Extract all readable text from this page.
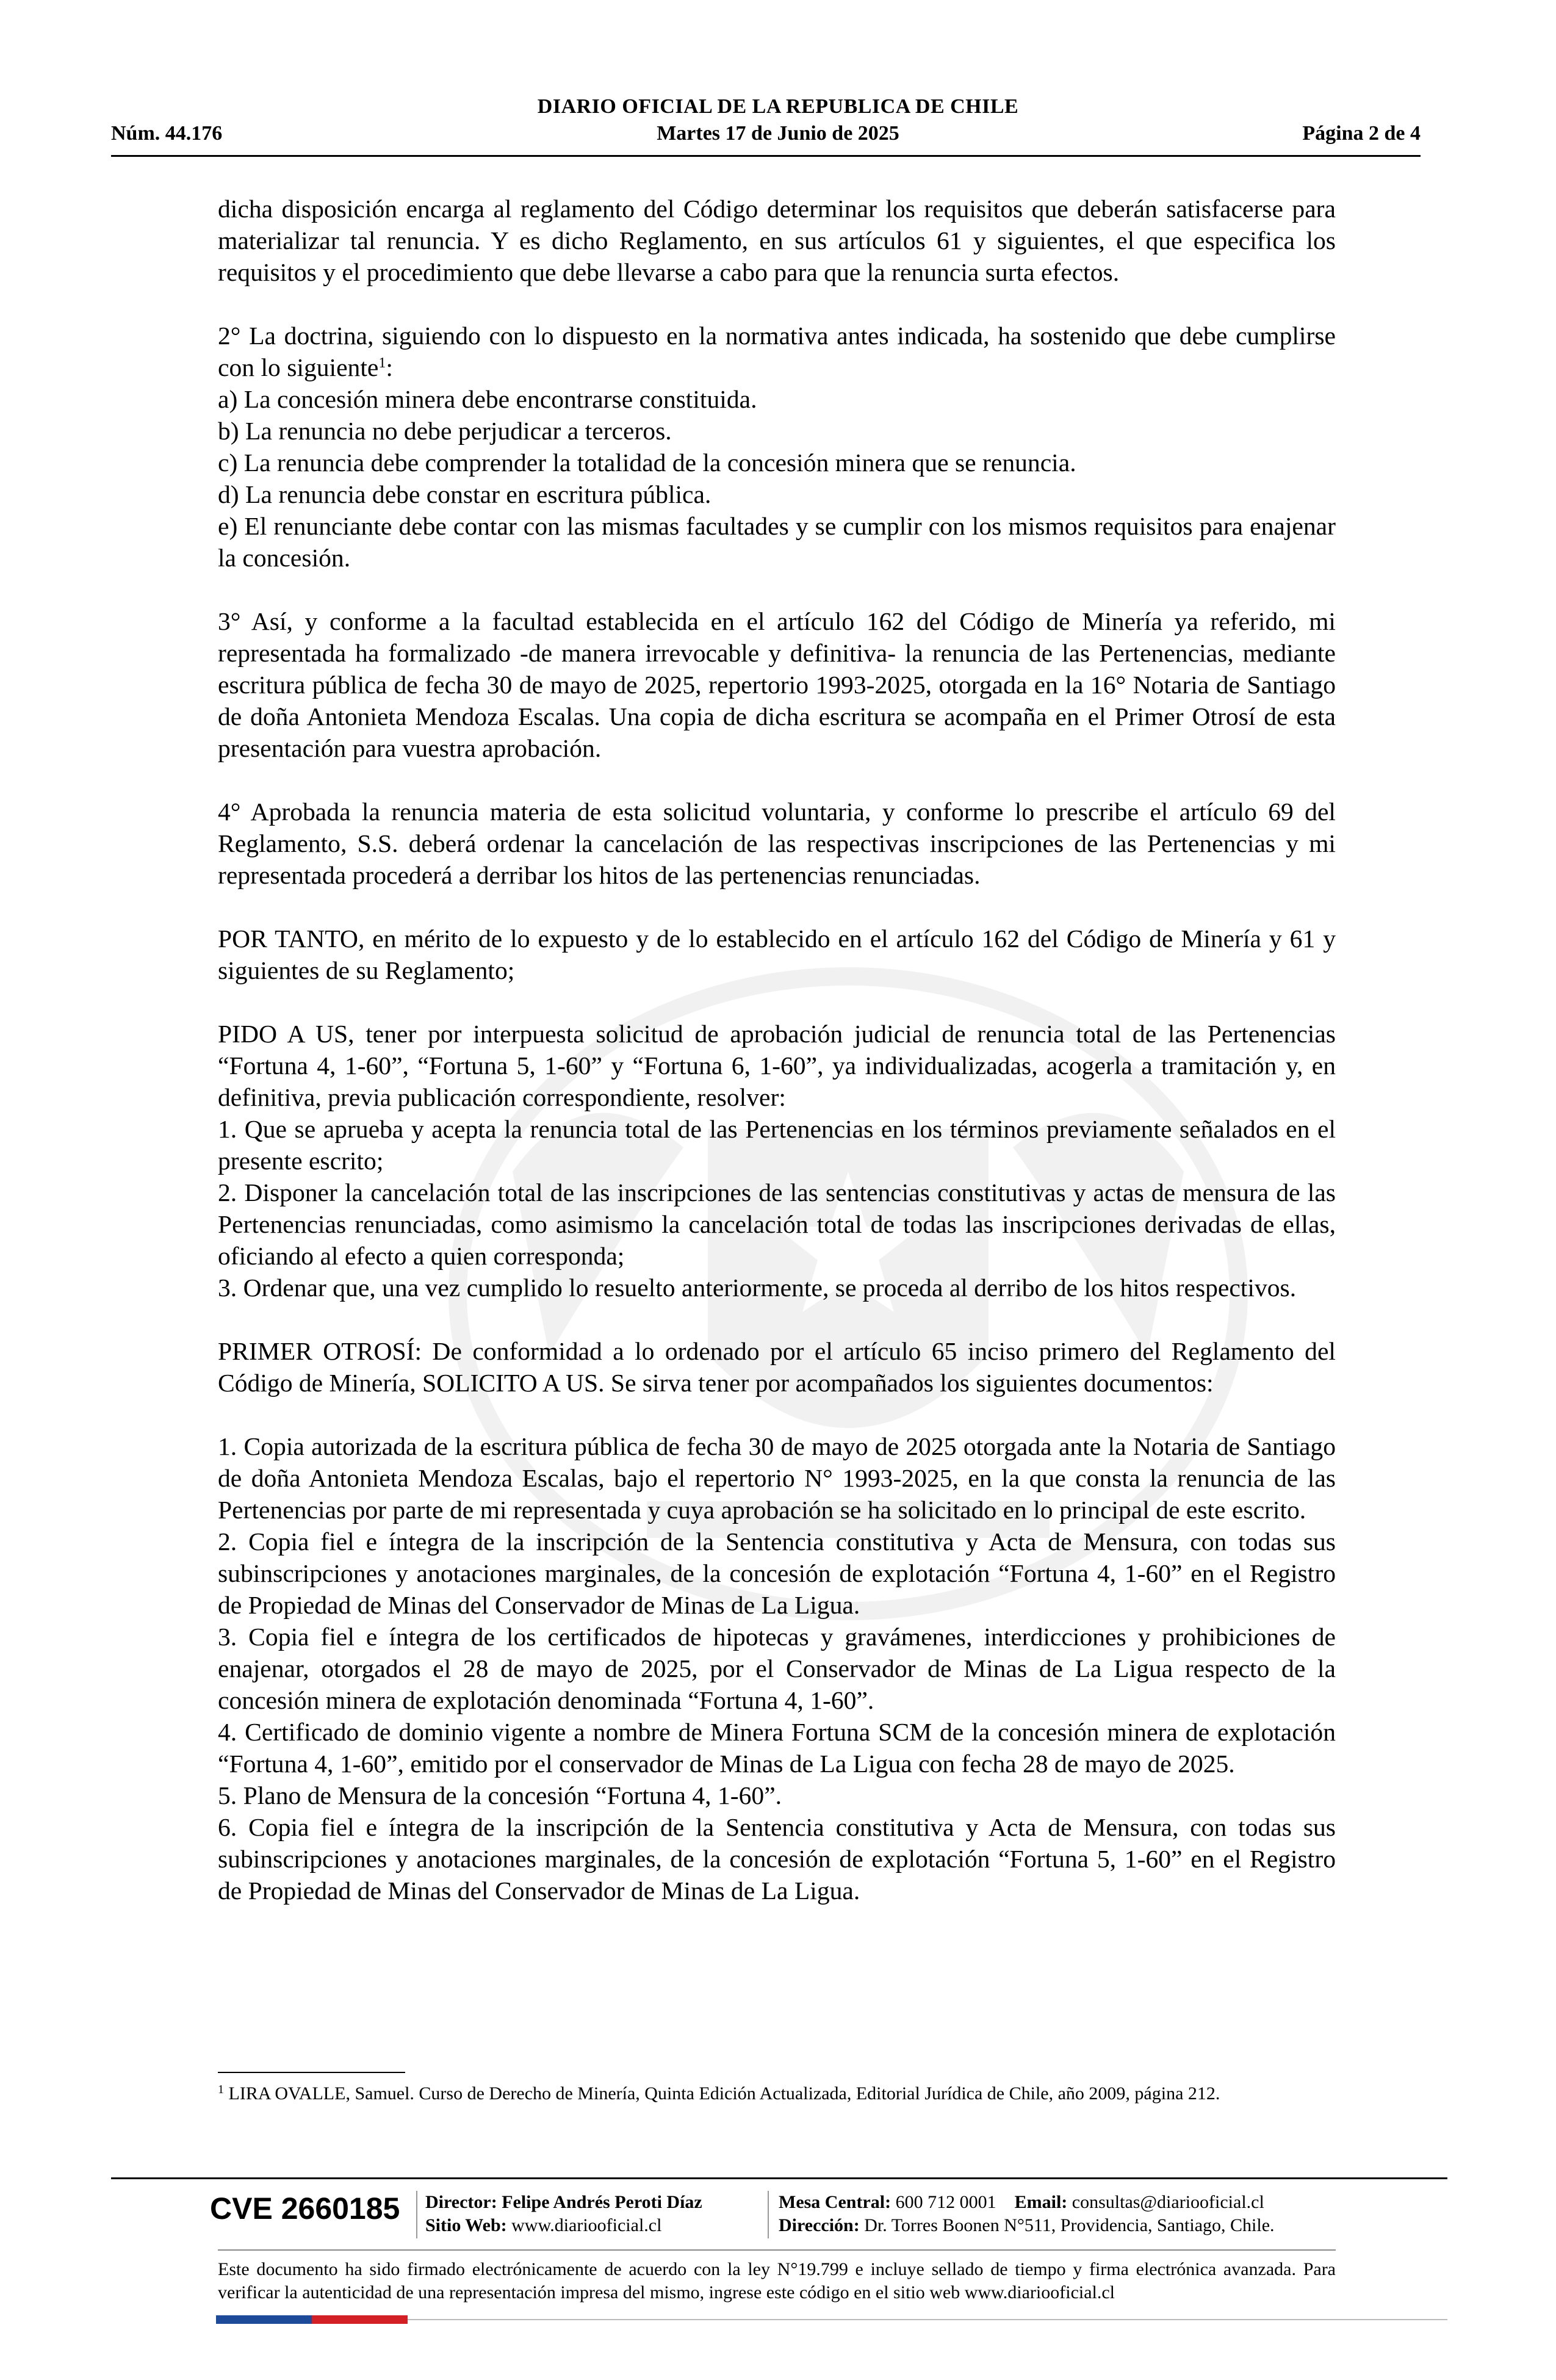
DIARIO OFICIAL DE LA REPUBLICA DE CHILE
Núm. 44.176	Martes 17 de Junio de 2025	Página 2 de 4

dicha disposición encarga al reglamento del Código determinar los requisitos que deberán satisfacerse para materializar tal renuncia. Y es dicho Reglamento, en sus artículos 61 y siguientes, el que especifica los requisitos y el procedimiento que debe llevarse a cabo para que la renuncia surta efectos.

2° La doctrina, siguiendo con lo dispuesto en la normativa antes indicada, ha sostenido que debe cumplirse con lo siguiente$^1$:

a) La concesión minera debe encontrarse constituida.
b) La renuncia no debe perjudicar a terceros.
c) La renuncia debe comprender la totalidad de la concesión minera que se renuncia.
d) La renuncia debe constar en escritura pública.
e) El renunciante debe contar con las mismas facultades y se cumplir con los mismos requisitos para enajenar la concesión.

3° Así, y conforme a la facultad establecida en el artículo 162 del Código de Minería ya referido, mi representada ha formalizado -de manera irrevocable y definitiva- la renuncia de las Pertenencias, mediante escritura pública de fecha 30 de mayo de 2025, repertorio 1993-2025, otorgada en la 16° Notaria de Santiago de doña Antonieta Mendoza Escalas. Una copia de dicha escritura se acompaña en el Primer Otrosí de esta presentación para vuestra aprobación.

4° Aprobada la renuncia materia de esta solicitud voluntaria, y conforme lo prescribe el artículo 69 del Reglamento, S.S. deberá ordenar la cancelación de las respectivas inscripciones de las Pertenencias y mi representada procederá a derribar los hitos de las pertenencias renunciadas.

POR TANTO, en mérito de lo expuesto y de lo establecido en el artículo 162 del Código de Minería y 61 y siguientes de su Reglamento;

PIDO A US, tener por interpuesta solicitud de aprobación judicial de renuncia total de las Pertenencias “Fortuna 4, 1-60”, “Fortuna 5, 1-60” y “Fortuna 6, 1-60”, ya individualizadas, acogerla a tramitación y, en definitiva, previa publicación correspondiente, resolver:

1. Que se aprueba y acepta la renuncia total de las Pertenencias en los términos previamente señalados en el presente escrito;
2. Disponer la cancelación total de las inscripciones de las sentencias constitutivas y actas de mensura de las Pertenencias renunciadas, como asimismo la cancelación total de todas las inscripciones derivadas de ellas, oficiando al efecto a quien corresponda;
3. Ordenar que, una vez cumplido lo resuelto anteriormente, se proceda al derribo de los hitos respectivos.

PRIMER OTROSÍ: De conformidad a lo ordenado por el artículo 65 inciso primero del Reglamento del Código de Minería, SOLICITO A US. Se sirva tener por acompañados los siguientes documentos:

1. Copia autorizada de la escritura pública de fecha 30 de mayo de 2025 otorgada ante la Notaria de Santiago de doña Antonieta Mendoza Escalas, bajo el repertorio N° 1993-2025, en la que consta la renuncia de las Pertenencias por parte de mi representada y cuya aprobación se ha solicitado en lo principal de este escrito.
2. Copia fiel e íntegra de la inscripción de la Sentencia constitutiva y Acta de Mensura, con todas sus subinscripciones y anotaciones marginales, de la concesión de explotación “Fortuna 4, 1-60” en el Registro de Propiedad de Minas del Conservador de Minas de La Ligua.
3. Copia fiel e íntegra de los certificados de hipotecas y gravámenes, interdicciones y prohibiciones de enajenar, otorgados el 28 de mayo de 2025, por el Conservador de Minas de La Ligua respecto de la concesión minera de explotación denominada “Fortuna 4, 1-60”.
4. Certificado de dominio vigente a nombre de Minera Fortuna SCM de la concesión minera de explotación “Fortuna 4, 1-60”, emitido por el conservador de Minas de La Ligua con fecha 28 de mayo de 2025.
5. Plano de Mensura de la concesión “Fortuna 4, 1-60”.
6. Copia fiel e íntegra de la inscripción de la Sentencia constitutiva y Acta de Mensura, con todas sus subinscripciones y anotaciones marginales, de la concesión de explotación “Fortuna 5, 1-60” en el Registro de Propiedad de Minas del Conservador de Minas de La Ligua.
$^1$ LIRA OVALLE, Samuel. Curso de Derecho de Minería, Quinta Edición Actualizada, Editorial Jurídica de Chile, año 2009, página 212.
CVE 2660185 Director: Felipe Andrés Peroti Díaz
Sitio Web: www.diariooficial.cl
Mesa Central: 600 712 0001 Email: consultas@diariooficial.cl
Dirección: Dr. Torres Boonen N°511, Providencia, Santiago, Chile.
Este documento ha sido firmado electrónicamente de acuerdo con la ley N°19.799 e incluye sellado de tiempo y firma electrónica avanzada. Para verificar la autenticidad de una representación impresa del mismo, ingrese este código en el sitio web www.diariooficial.cl
